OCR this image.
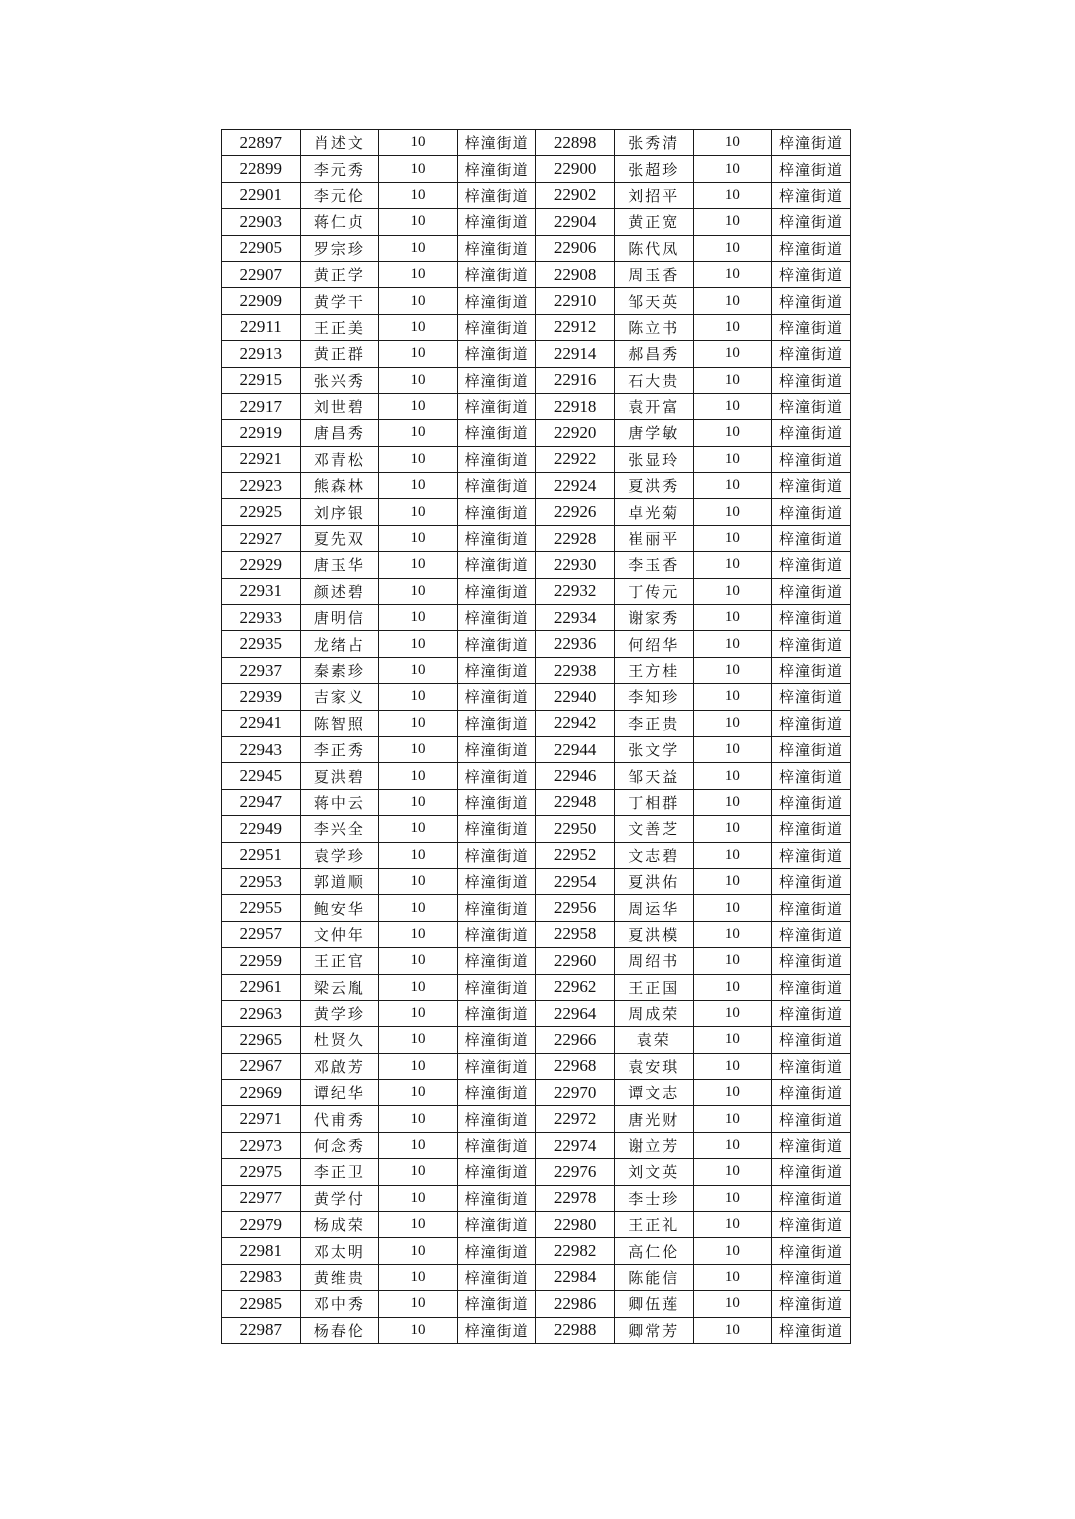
22897	肖述文	10	梓潼街道	22898	张秀清	10	梓潼街道
22899	李元秀	10	梓潼街道	22900	张超珍	10	梓潼街道
22901	李元伦	10	梓潼街道	22902	刘招平	10	梓潼街道
22903	蒋仁贞	10	梓潼街道	22904	黄正宽	10	梓潼街道
22905	罗宗珍	10	梓潼街道	22906	陈代凤	10	梓潼街道
22907	黄正学	10	梓潼街道	22908	周玉香	10	梓潼街道
22909	黄学干	10	梓潼街道	22910	邹天英	10	梓潼街道
22911	王正美	10	梓潼街道	22912	陈立书	10	梓潼街道
22913	黄正群	10	梓潼街道	22914	郝昌秀	10	梓潼街道
22915	张兴秀	10	梓潼街道	22916	石大贵	10	梓潼街道
22917	刘世碧	10	梓潼街道	22918	袁开富	10	梓潼街道
22919	唐昌秀	10	梓潼街道	22920	唐学敏	10	梓潼街道
22921	邓青松	10	梓潼街道	22922	张显玲	10	梓潼街道
22923	熊森林	10	梓潼街道	22924	夏洪秀	10	梓潼街道
22925	刘序银	10	梓潼街道	22926	卓光菊	10	梓潼街道
22927	夏先双	10	梓潼街道	22928	崔丽平	10	梓潼街道
22929	唐玉华	10	梓潼街道	22930	李玉香	10	梓潼街道
22931	颜述碧	10	梓潼街道	22932	丁传元	10	梓潼街道
22933	唐明信	10	梓潼街道	22934	谢家秀	10	梓潼街道
22935	龙绪占	10	梓潼街道	22936	何绍华	10	梓潼街道
22937	秦素珍	10	梓潼街道	22938	王方桂	10	梓潼街道
22939	吉家义	10	梓潼街道	22940	李知珍	10	梓潼街道
22941	陈智照	10	梓潼街道	22942	李正贵	10	梓潼街道
22943	李正秀	10	梓潼街道	22944	张文学	10	梓潼街道
22945	夏洪碧	10	梓潼街道	22946	邹天益	10	梓潼街道
22947	蒋中云	10	梓潼街道	22948	丁相群	10	梓潼街道
22949	李兴全	10	梓潼街道	22950	文善芝	10	梓潼街道
22951	袁学珍	10	梓潼街道	22952	文志碧	10	梓潼街道
22953	郭道顺	10	梓潼街道	22954	夏洪佑	10	梓潼街道
22955	鲍安华	10	梓潼街道	22956	周运华	10	梓潼街道
22957	文仲年	10	梓潼街道	22958	夏洪模	10	梓潼街道
22959	王正官	10	梓潼街道	22960	周绍书	10	梓潼街道
22961	梁云胤	10	梓潼街道	22962	王正国	10	梓潼街道
22963	黄学珍	10	梓潼街道	22964	周成荣	10	梓潼街道
22965	杜贤久	10	梓潼街道	22966	袁荣	10	梓潼街道
22967	邓啟芳	10	梓潼街道	22968	袁安琪	10	梓潼街道
22969	谭纪华	10	梓潼街道	22970	谭文志	10	梓潼街道
22971	代甫秀	10	梓潼街道	22972	唐光财	10	梓潼街道
22973	何念秀	10	梓潼街道	22974	谢立芳	10	梓潼街道
22975	李正卫	10	梓潼街道	22976	刘文英	10	梓潼街道
22977	黄学付	10	梓潼街道	22978	李士珍	10	梓潼街道
22979	杨成荣	10	梓潼街道	22980	王正礼	10	梓潼街道
22981	邓太明	10	梓潼街道	22982	高仁伦	10	梓潼街道
22983	黄维贵	10	梓潼街道	22984	陈能信	10	梓潼街道
22985	邓中秀	10	梓潼街道	22986	卿伍莲	10	梓潼街道
22987	杨春伦	10	梓潼街道	22988	卿常芳	10	梓潼街道
